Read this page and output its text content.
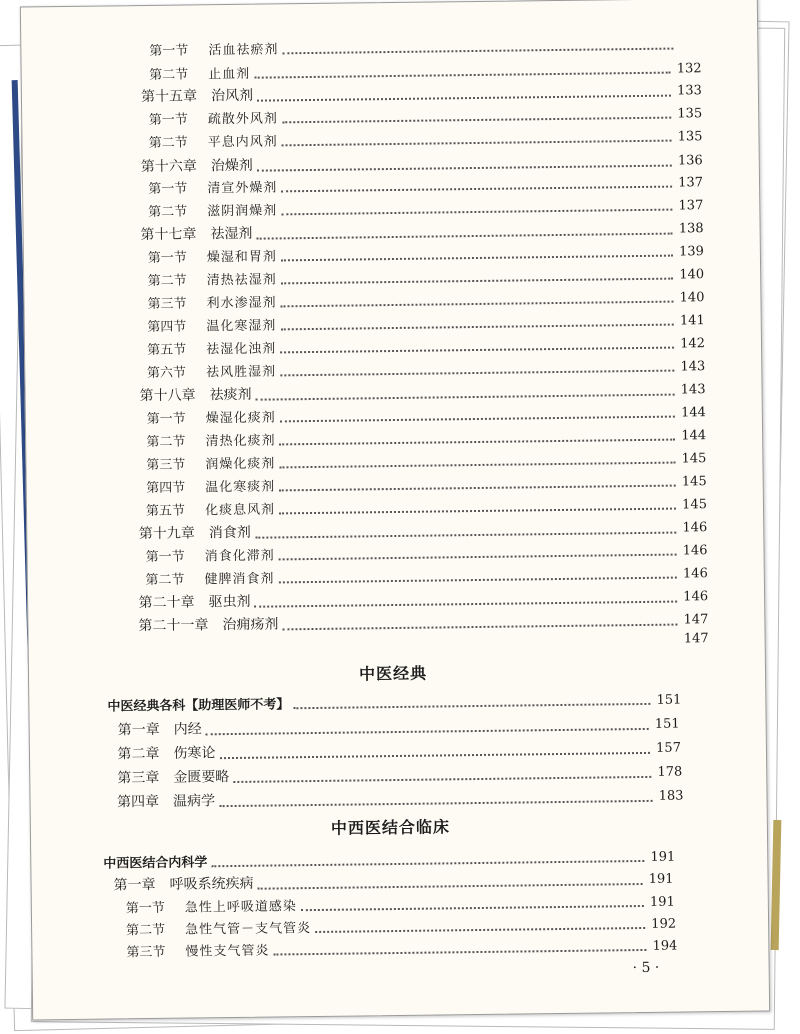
第一节 活血祛瘀剂
第二节 止血剂	132
第十五章 治风剂	133
第一节 疏散外风剂	135
第二节 平息内风剂	135
第十六章 治燥剂	136
第一节 清宣外燥剂	137
第二节 滋阴润燥剂	137
第十七章 祛湿剂	138
第一节 燥湿和胃剂	139
第二节 清热祛湿剂	140
第三节 利水渗湿剂	140
第四节 温化寒湿剂	141
第五节 祛湿化浊剂	142
第六节 祛风胜湿剂	143
第十八章 祛痰剂	143
第一节 燥湿化痰剂	144
第二节 清热化痰剂	144
第三节 润燥化痰剂	145
第四节 温化寒痰剂	145
第五节 化痰息风剂	145
第十九章 消食剂	146
第一节 消食化滞剂	146
第二节 健脾消食剂	146
第二十章 驱虫剂	146
第二十一章 治痈疡剂	147
147
中医经典
中医经典各科【助理医师不考】	151
第一章 内经	151
第二章 伤寒论	157
第三章 金匮要略	178
第四章 温病学	183
中西医结合临床
中西医结合内科学	191
第一章 呼吸系统疾病	191
第一节 急性上呼吸道感染	191
第二节 急性气管－支气管炎	192
第三节 慢性支气管炎	194
· 5 ·
